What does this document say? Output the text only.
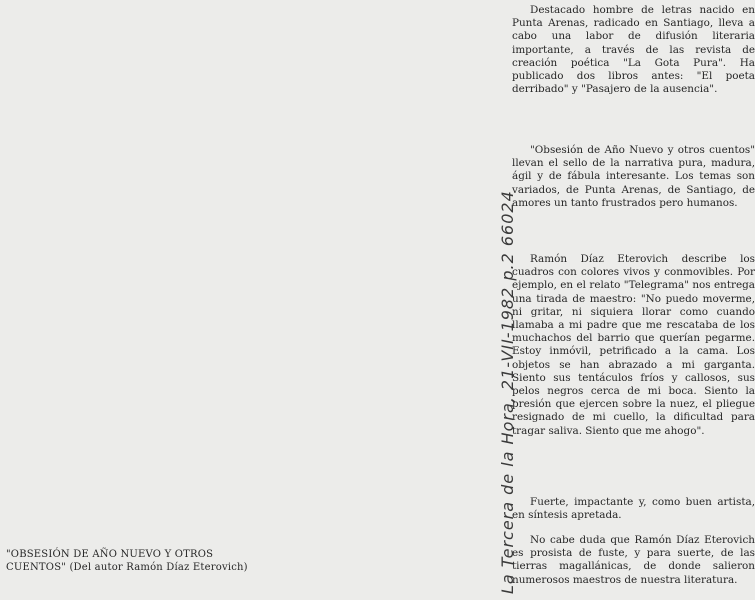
Destacado hombre de letras nacido en Punta Arenas, radicado en Santiago, lleva a cabo una labor de difusión literaria importante, a través de las revista de creación poética "La Gota Pura". Ha publicado dos libros antes: "El poeta derribado" y "Pasajero de la ausencia".

"Obsesión de Año Nuevo y otros cuentos" llevan el sello de la narrativa pura, madura, ágil y de fábula interesante. Los temas son variados, de Punta Arenas, de Santiago, de amores un tanto frustrados pero humanos.

Ramón Díaz Eterovich describe los cuadros con colores vivos y conmovibles. Por ejemplo, en el relato "Telegrama" nos entrega una tirada de maestro: "No puedo moverme, ni gritar, ni siquiera llorar como cuando llamaba a mi padre que me rescataba de los muchachos del barrio que querían pegarme. Estoy inmóvil, petrificado a la cama. Los objetos se han abrazado a mi garganta. Siento sus tentáculos fríos y callosos, sus pelos negros cerca de mi boca. Siento la presión que ejercen sobre la nuez, el pliegue resignado de mi cuello, la dificultad para tragar saliva. Siento que me ahogo".

Fuerte, impactante y, como buen artista, en síntesis apretada.

No cabe duda que Ramón Díaz Eterovich es prosista de fuste, y para suerte, de las tierras magallánicas, de donde salieron numerosos maestros de nuestra literatura.

"OBSESIÓN DE AÑO NUEVO Y OTROS CUENTOS" (Del autor Ramón Díaz Eterovich)	La Tercera de la Hora, 21-VII-1982 p.2 66024
